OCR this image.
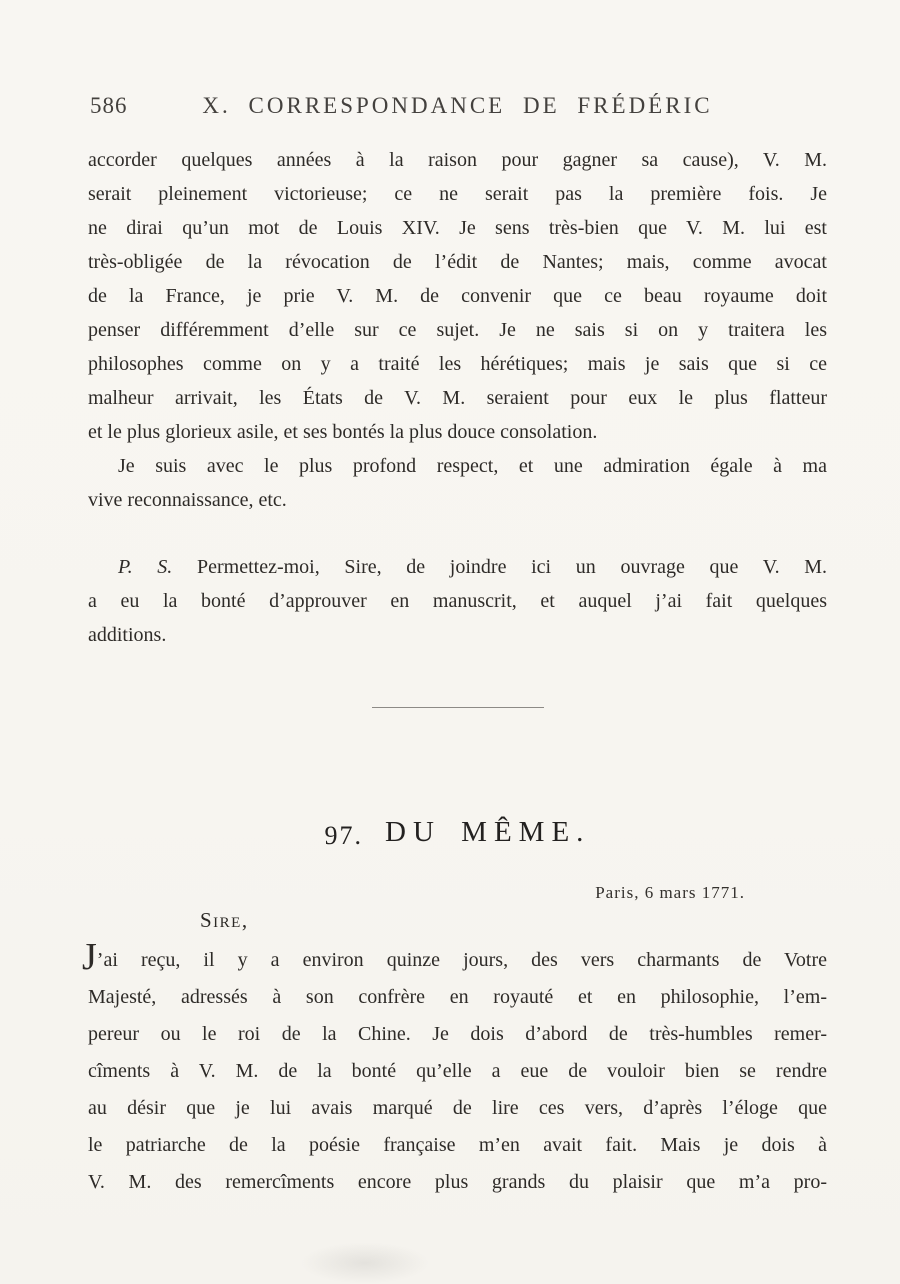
586	X. CORRESPONDANCE DE FRÉDÉRIC
accorder quelques années à la raison pour gagner sa cause), V. M.
serait pleinement victorieuse; ce ne serait pas la première fois. Je
ne dirai qu’un mot de Louis XIV. Je sens très-bien que V. M. lui est
très-obligée de la révocation de l’édit de Nantes; mais, comme avocat
de la France, je prie V. M. de convenir que ce beau royaume doit
penser différemment d’elle sur ce sujet. Je ne sais si on y traitera les
philosophes comme on y a traité les hérétiques; mais je sais que si ce
malheur arrivait, les États de V. M. seraient pour eux le plus flatteur
et le plus glorieux asile, et ses bontés la plus douce consolation.
Je suis avec le plus profond respect, et une admiration égale à ma
vive reconnaissance, etc.
P. S. Permettez-moi, Sire, de joindre ici un ouvrage que V. M.
a eu la bonté d’approuver en manuscrit, et auquel j’ai fait quelques
additions.
97. DU MÊME.
Paris, 6 mars 1771.
Sire,
J’ai reçu, il y a environ quinze jours, des vers charmants de Votre
Majesté, adressés à son confrère en royauté et en philosophie, l’em-
pereur ou le roi de la Chine. Je dois d’abord de très-humbles remer-
cîments à V. M. de la bonté qu’elle a eue de vouloir bien se rendre
au désir que je lui avais marqué de lire ces vers, d’après l’éloge que
le patriarche de la poésie française m’en avait fait. Mais je dois à
V. M. des remercîments encore plus grands du plaisir que m’a pro-
